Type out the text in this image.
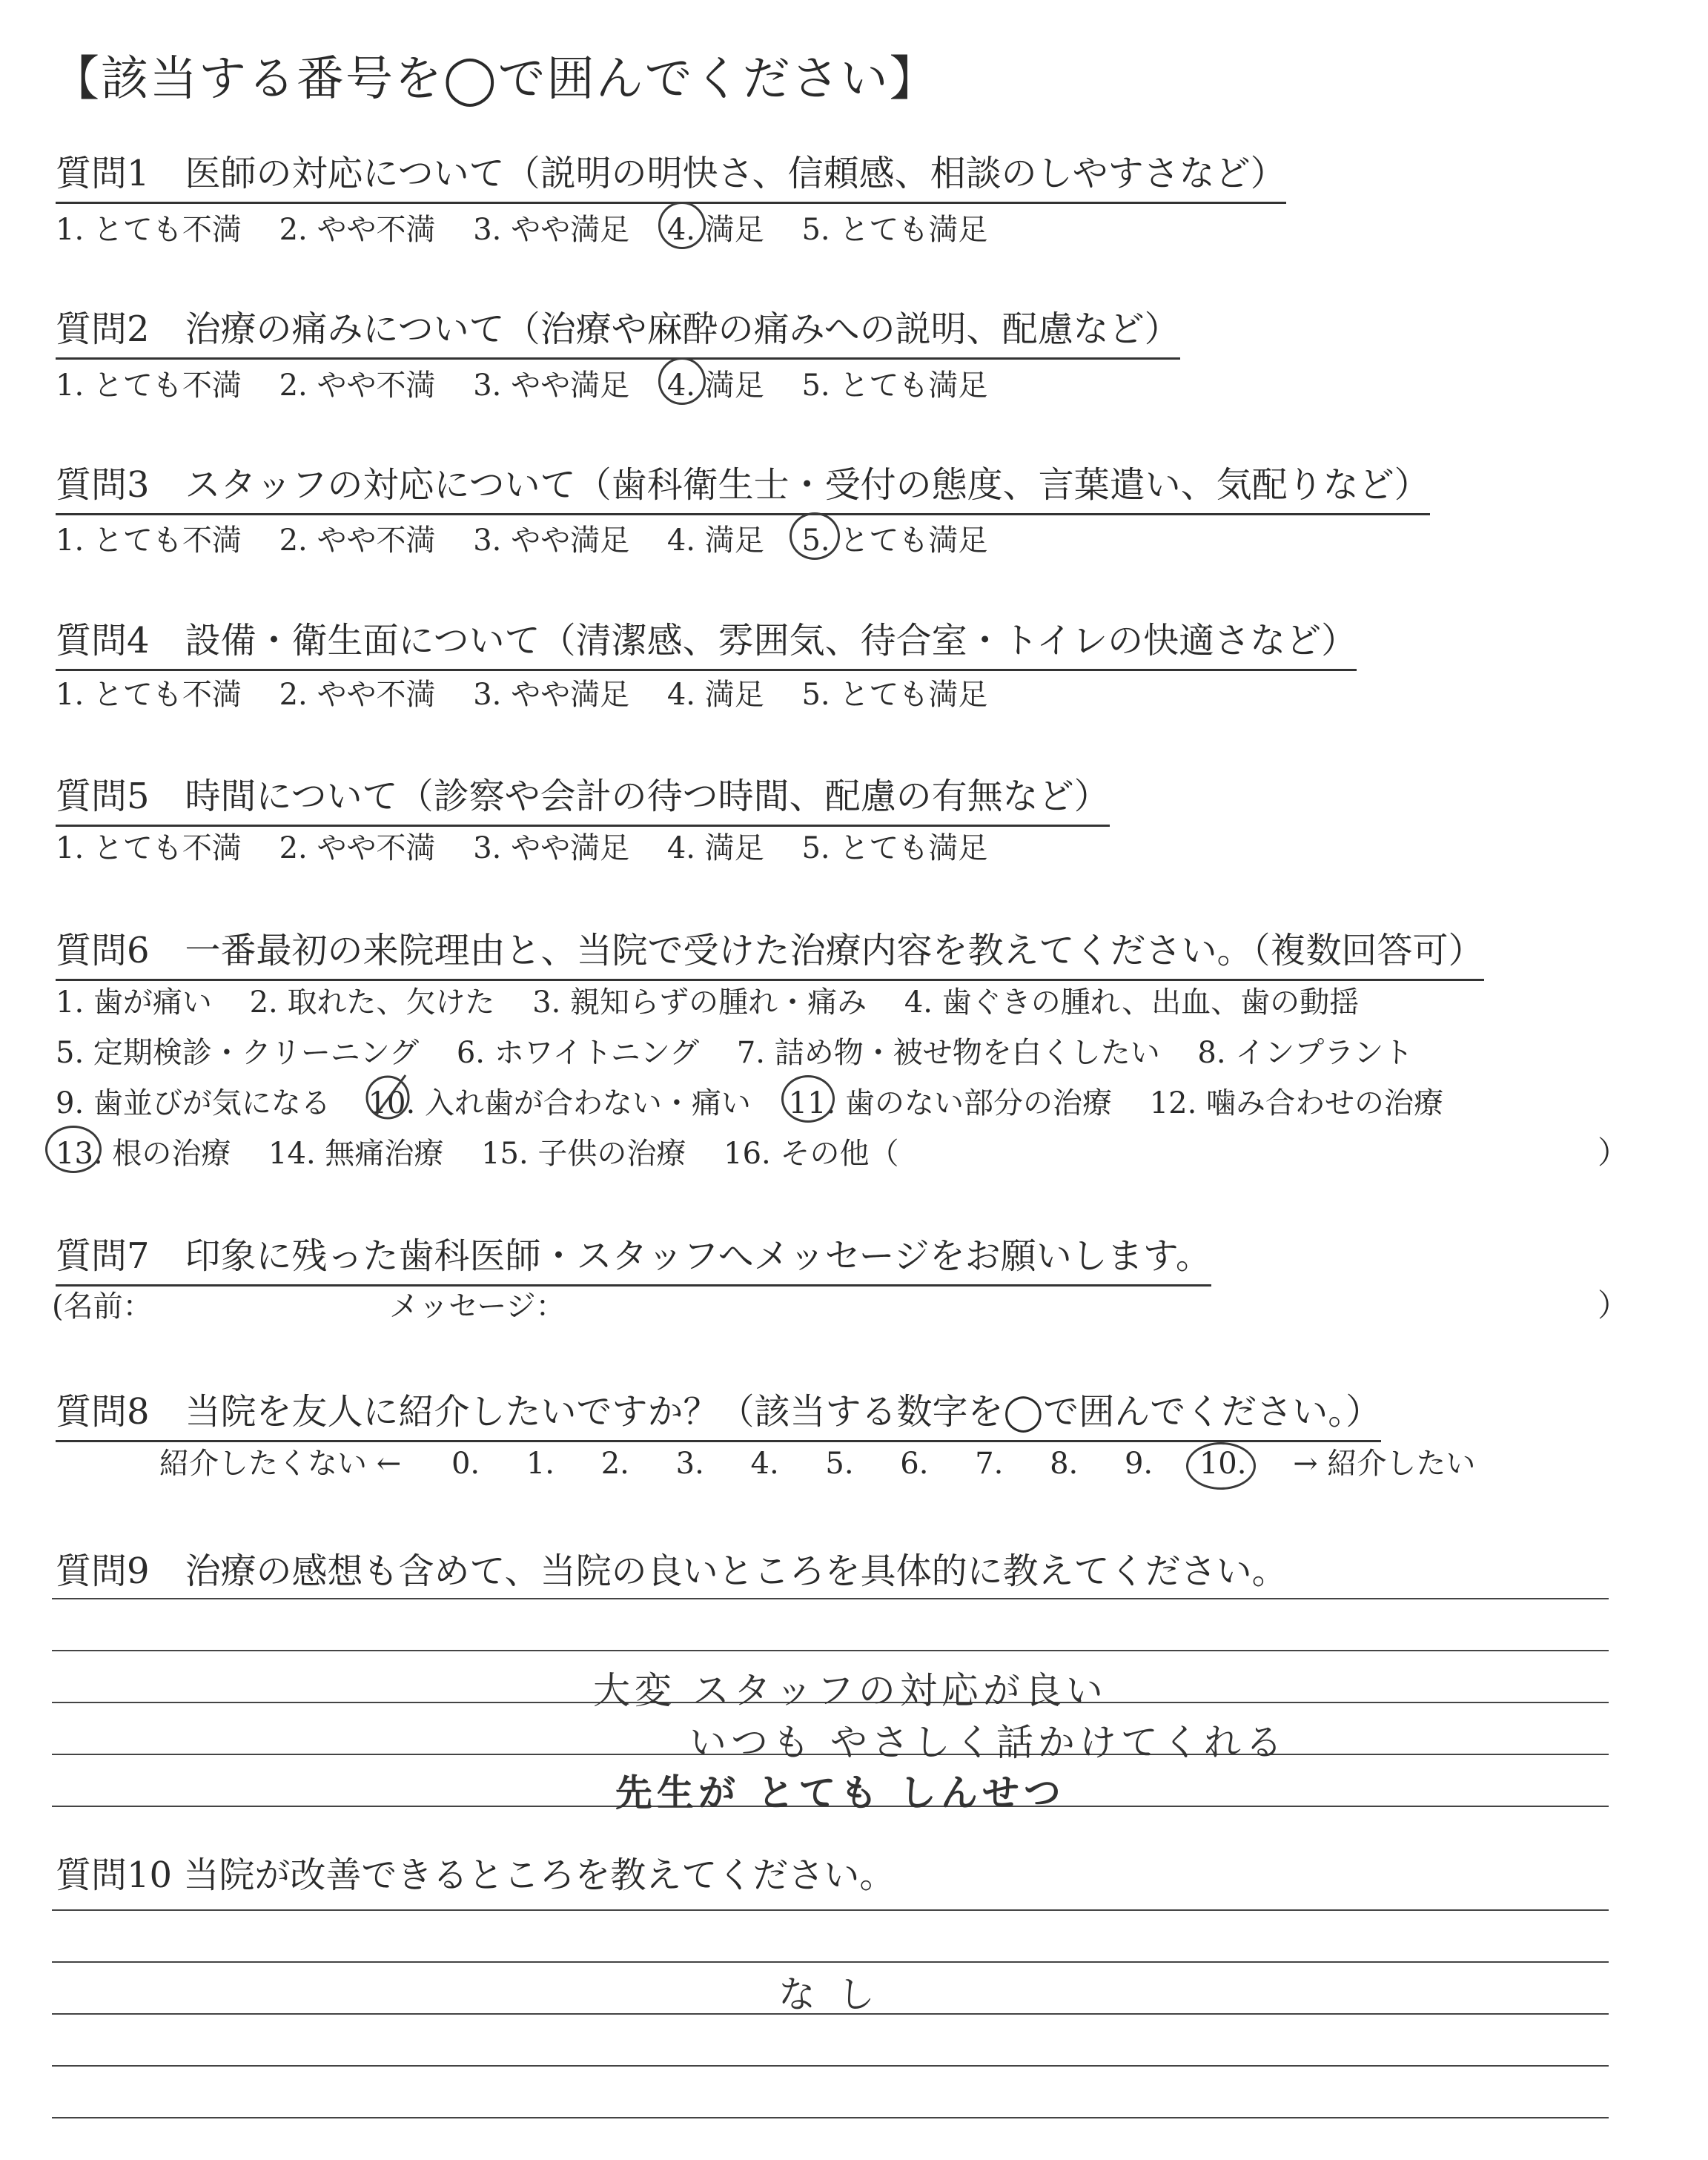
【該当する番号を◯で囲んでください】
質問1　医師の対応について（説明の明快さ、信頼感、相談のしやすさなど）
1. とても不満 2. やや不満 3. やや満足 4. 満足 5. とても満足
質問2　治療の痛みについて（治療や麻酔の痛みへの説明、配慮など）
1. とても不満 2. やや不満 3. やや満足 4. 満足 5. とても満足
質問3　スタッフの対応について（歯科衛生士・受付の態度、言葉遣い、気配りなど）
1. とても不満 2. やや不満 3. やや満足 4. 満足 5. とても満足
質問4　設備・衛生面について（清潔感、雰囲気、待合室・トイレの快適さなど）
1. とても不満 2. やや不満 3. やや満足 4. 満足 5. とても満足
質問5　時間について（診察や会計の待つ時間、配慮の有無など）
1. とても不満 2. やや不満 3. やや満足 4. 満足 5. とても満足
質問6　一番最初の来院理由と、当院で受けた治療内容を教えてください。（複数回答可）
1. 歯が痛い 2. 取れた、欠けた 3. 親知らずの腫れ・痛み 4. 歯ぐきの腫れ、出血、歯の動揺
5. 定期検診・クリーニング 6. ホワイトニング 7. 詰め物・被せ物を白くしたい 8. インプラント
9. 歯並びが気になる 10. 入れ歯が合わない・痛い 11. 歯のない部分の治療 12. 噛み合わせの治療
13. 根の治療 14. 無痛治療 15. 子供の治療 16. その他（	）
質問7　印象に残った歯科医師・スタッフへメッセージをお願いします。
(名前：	メッセージ：	）
質問8　当院を友人に紹介したいですか？（該当する数字を◯で囲んでください。）
紹介したくない ← 0. 1. 2. 3. 4. 5. 6. 7. 8. 9. 10. → 紹介したい
質問9　治療の感想も含めて、当院の良いところを具体的に教えてください。
大変 スタッフの対応が良い
いつも やさしく話かけてくれる
先生が とても しんせつ
質問10 当院が改善できるところを教えてください。
なし
